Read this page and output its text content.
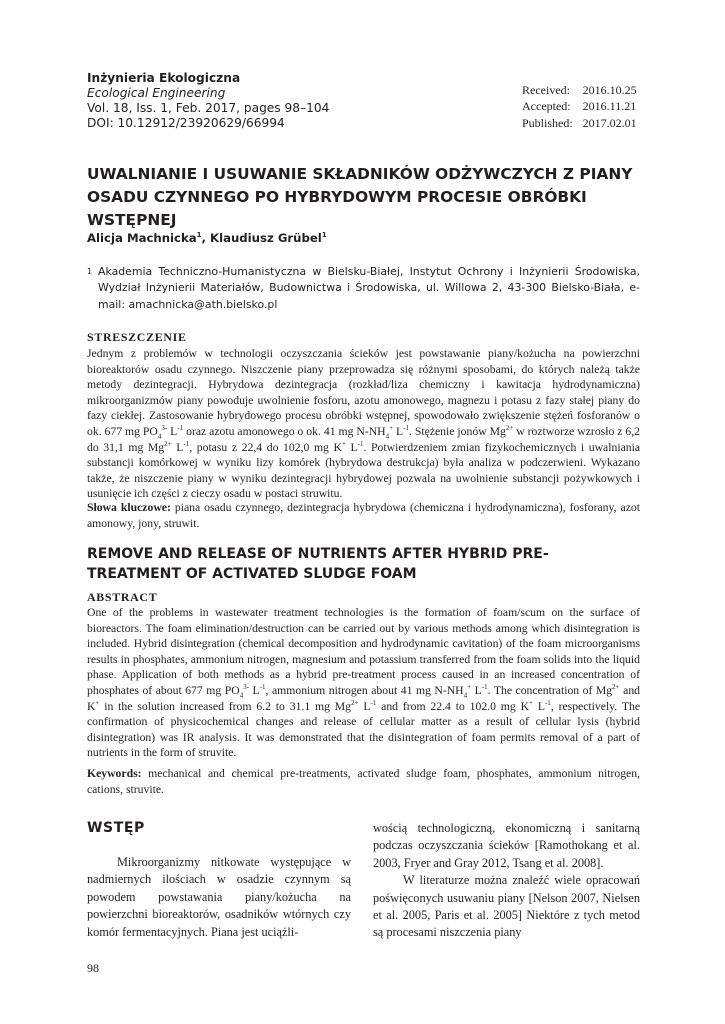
Inżynieria Ekologiczna
Ecological Engineering
Vol. 18, Iss. 1, Feb. 2017, pages 98–104
DOI: 10.12912/23920629/66994
Received:	2016.10.25
Accepted:	2016.11.21
Published:	2017.02.01
UWALNIANIE I USUWANIE SKŁADNIKÓW ODŻYWCZYCH Z PIANY OSADU CZYNNEGO PO HYBRYDOWYM PROCESIE OBRÓBKI WSTĘPNEJ
Alicja Machnicka$^1$, Klaudiusz Grübel$^1$
1 Akademia Techniczno-Humanistyczna w Bielsku-Białej, Instytut Ochrony i Inżynierii Środowiska, Wydział Inżynierii Materiałów, Budownictwa i Środowiska, ul. Willowa 2, 43-300 Bielsko-Biała, e-mail: amachnicka@ath.bielsko.pl
STRESZCZENIE
Jednym z problemów w technologii oczyszczania ścieków jest powstawanie piany/kożucha na powierzchni bioreaktorów osadu czynnego. Niszczenie piany przeprowadza się różnymi sposobami, do których należą także metody dezintegracji. Hybrydowa dezintegracja (rozkład/liza chemiczny i kawitacja hydrodynamiczna) mikroorganizmów piany powoduje uwolnienie fosforu, azotu amonowego, magnezu i potasu z fazy stałej piany do fazy ciekłej. Zastosowanie hybrydowego procesu obróbki wstępnej, spowodowało zwiększenie stężeń fosforanów o ok. 677 mg $PO_4^{3-}$ $L^{-1}$ oraz azotu amonowego o ok. 41 mg $N-NH_4^+$ $L^{-1}$. Stężenie jonów $Mg^{2+}$ w roztworze wzrosło z 6,2 do 31,1 mg $Mg^{2+}$ $L^{-1}$, potasu z 22,4 do 102,0 mg K+ $L^{-1}$. Potwierdzeniem zmian fizykochemicznych i uwalniania substancji komórkowej w wyniku lizy komórek (hybrydowa destrukcja) była analiza w podczerwieni. Wykazano także, że niszczenie piany w wyniku dezintegracji hybrydowej pozwala na uwolnienie substancji pożywkowych i usunięcie ich części z cieczy osadu w postaci struwitu.
Słowa kluczowe: piana osadu czynnego, dezintegracja hybrydowa (chemiczna i hydrodynamiczna), fosforany, azot amonowy, jony, struwit.
REMOVE AND RELEASE OF NUTRIENTS AFTER HYBRID PRE-TREATMENT OF ACTIVATED SLUDGE FOAM
ABSTRACT
One of the problems in wastewater treatment technologies is the formation of foam/scum on the surface of bioreactors. The foam elimination/destruction can be carried out by various methods among which disintegration is included. Hybrid disintegration (chemical decomposition and hydrodynamic cavitation) of the foam microorganisms results in phosphates, ammonium nitrogen, magnesium and potassium transferred from the foam solids into the liquid phase. Application of both methods as a hybrid pre-treatment process caused in an increased concentration of phosphates of about 677 mg $PO_4^{3-}$ $L^{-1}$, ammonium nitrogen about 41 mg $N-NH_4^+$ $L^{-1}$. The concentration of $Mg^{2+}$ and K+ in the solution increased from 6.2 to 31.1 mg $Mg^{2+}$ $L^{-1}$ and from 22.4 to 102.0 mg K+ $L^{-1}$, respectively. The confirmation of physicochemical changes and release of cellular matter as a result of cellular lysis (hybrid disintegration) was IR analysis. It was demonstrated that the disintegration of foam permits removal of a part of nutrients in the form of struvite.
Keywords: mechanical and chemical pre-treatments, activated sludge foam, phosphates, ammonium nitrogen, cations, struvite.
WSTĘP
Mikroorganizmy nitkowate występujące w nadmiernych ilościach w osadzie czynnym są powodem powstawania piany/kożucha na powierzchni bioreaktorów, osadników wtórnych czy komór fermentacyjnych. Piana jest uciążli-
wością technologiczną, ekonomiczną i sanitarną podczas oczyszczania ścieków [Ramothokang et al. 2003, Fryer and Gray 2012, Tsang et al. 2008].
W literaturze można znaleźć wiele opracowań poświęconych usuwaniu piany [Nelson 2007, Nielsen et al. 2005, Paris et al. 2005] Niektóre z tych metod są procesami niszczenia piany
98
